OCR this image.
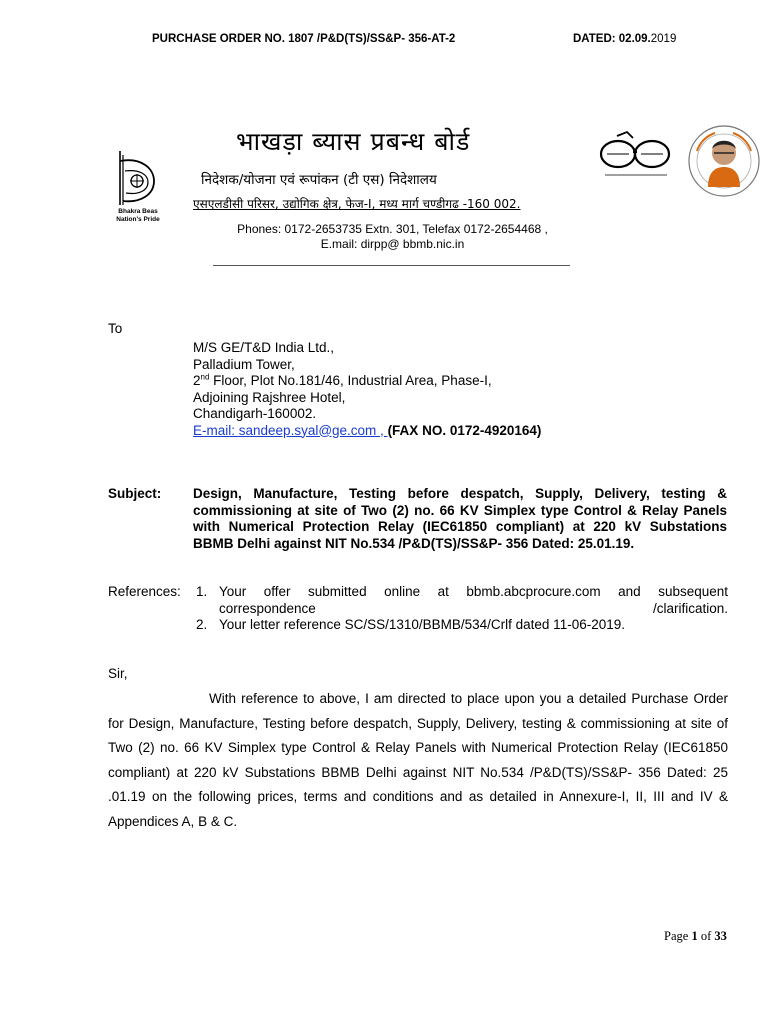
PURCHASE ORDER NO. 1807 /P&D(TS)/SS&P- 356-AT-2	DATED: 02.09.2019
Bhakra Beas
Nation's Pride
भाखड़ा ब्यास प्रबन्ध बोर्ड
निदेशक/योजना एवं रूपांकन (टी एस) निदेशालय
एसएलडीसी परिसर, उद्योगिक क्षेत्र, फेज-I, मध्य मार्ग चण्डीगढ -160 002.
Phones: 0172-2653735 Extn. 301, Telefax 0172-2654468 ,
E.mail: dirpp@ bbmb.nic.in
To
M/S GE/T&D India Ltd.,
Palladium Tower,
2nd Floor, Plot No.181/46, Industrial Area, Phase-I,
Adjoining Rajshree Hotel,
Chandigarh-160002.
E-mail: sandeep.syal@ge.com , (FAX NO. 0172-4920164)
Subject: Design, Manufacture, Testing before despatch, Supply, Delivery, testing & commissioning at site of Two (2) no. 66 KV Simplex type Control & Relay Panels with Numerical Protection Relay (IEC61850 compliant) at 220 kV Substations BBMB Delhi against NIT No.534 /P&D(TS)/SS&P- 356 Dated: 25.01.19.
References: 1. Your offer submitted online at bbmb.abcprocure.com and subsequent correspondence /clarification.
2. Your letter reference SC/SS/1310/BBMB/534/Crlf dated 11-06-2019.
Sir,
With reference to above, I am directed to place upon you a detailed Purchase Order for Design, Manufacture, Testing before despatch, Supply, Delivery, testing & commissioning at site of Two (2) no. 66 KV Simplex type Control & Relay Panels with Numerical Protection Relay (IEC61850 compliant) at 220 kV Substations BBMB Delhi against NIT No.534 /P&D(TS)/SS&P- 356 Dated: 25 .01.19 on the following prices, terms and conditions and as detailed in Annexure-I, II, III and IV & Appendices A, B & C.
Page 1 of 33
